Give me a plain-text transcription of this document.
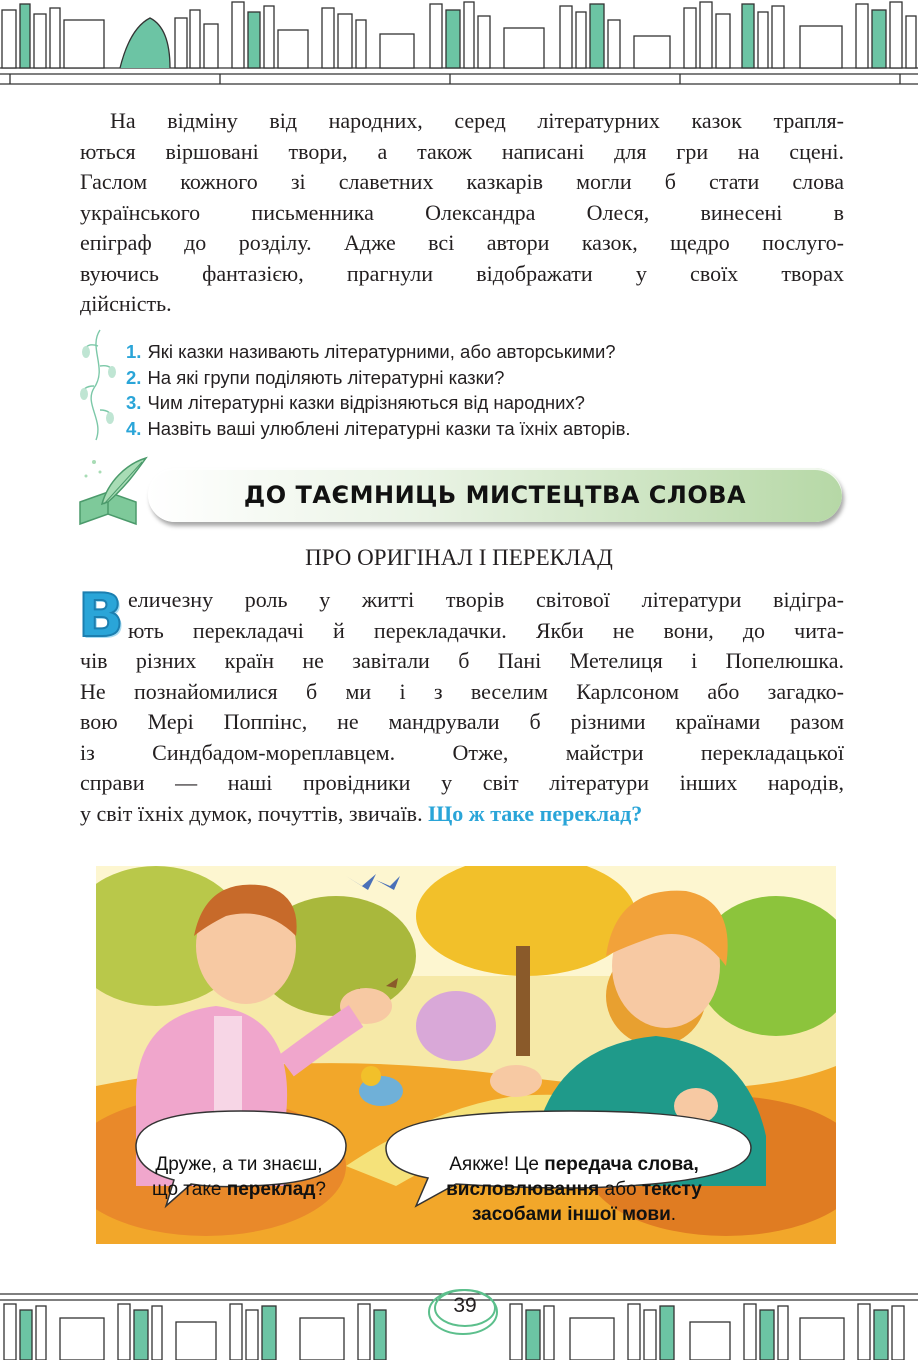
На відміну від народних, серед літературних казок трапля-
ються віршовані твори, а також написані для гри на сцені.
Гаслом кожного зі славетних казкарів могли б стати слова
українського письменника Олександра Олеся, винесені в
епіграф до розділу. Адже всі автори казок, щедро послуго-
вуючись фантазією, прагнули відображати у своїх творах
дійсність.

1. Які казки називають літературними, або авторськими?
2. На які групи поділяють літературні казки?
3. Чим літературні казки відрізняються від народних?
4. Назвіть ваші улюблені літературні казки та їхніх авторів.
ДО ТАЄМНИЦЬ МИСТЕЦТВА СЛОВА
ПРО ОРИГІНАЛ І ПЕРЕКЛАД
В еличезну роль у житті творів світової літератури відігра-
ють перекладачі й перекладачки. Якби не вони, до чита-
чів різних країн не завітали б Пані Метелиця і Попелюшка.
Не познайомилися б ми і з веселим Карлсоном або загадко-
вою Мері Поппінс, не мандрували б різними країнами разом
із Синдбадом-мореплавцем. Отже, майстри перекладацької
справи — наші провідники у світ літератури інших народів,
у світ їхніх думок, почуттів, звичаїв. Що ж таке переклад?

Друже, а ти знаєш,
що таке переклад?
Аякже! Це передача слова,
висловлювання або тексту
засобами іншої мови.
39
